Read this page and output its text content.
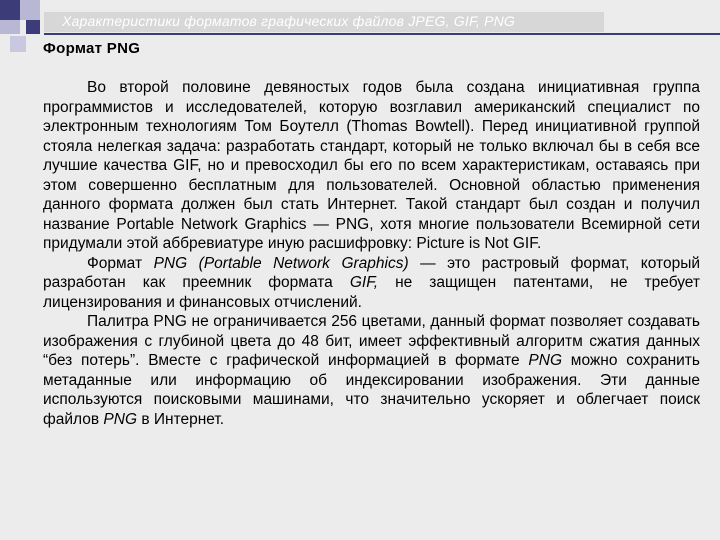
Характеристики форматов графических файлов JPEG, GIF, PNG
Формат PNG

Во второй половине девяностых годов была создана инициативная группа программистов и исследователей, которую возглавил американский специалист по электронным технологиям Том Боутелл (Thomas Bowtell). Перед инициативной группой стояла нелегкая задача: разработать стандарт, который не только включал бы в себя все лучшие качества GIF, но и превосходил бы его по всем характеристикам, оставаясь при этом совершенно бесплатным для пользователей. Основной областью применения данного формата должен был стать Интернет. Такой стандарт был создан и получил название Portable Network Graphics — PNG, хотя многие пользователи Всемирной сети придумали этой аббревиатуре иную расшифровку: Picture is Not GIF.

Формат PNG (Portable Network Graphics) — это растровый формат, который разработан как преемник формата GIF, не защищен патентами, не требует лицензирования и финансовых отчислений.

Палитра PNG не ограничивается 256 цветами, данный формат позволяет создавать изображения с глубиной цвета до 48 бит, имеет эффективный алгоритм сжатия данных “без потерь”. Вместе с графической информацией в формате PNG можно сохранить метаданные или информацию об индексировании изображения. Эти данные используются поисковыми машинами, что значительно ускоряет и облегчает поиск файлов PNG в Интернет.
